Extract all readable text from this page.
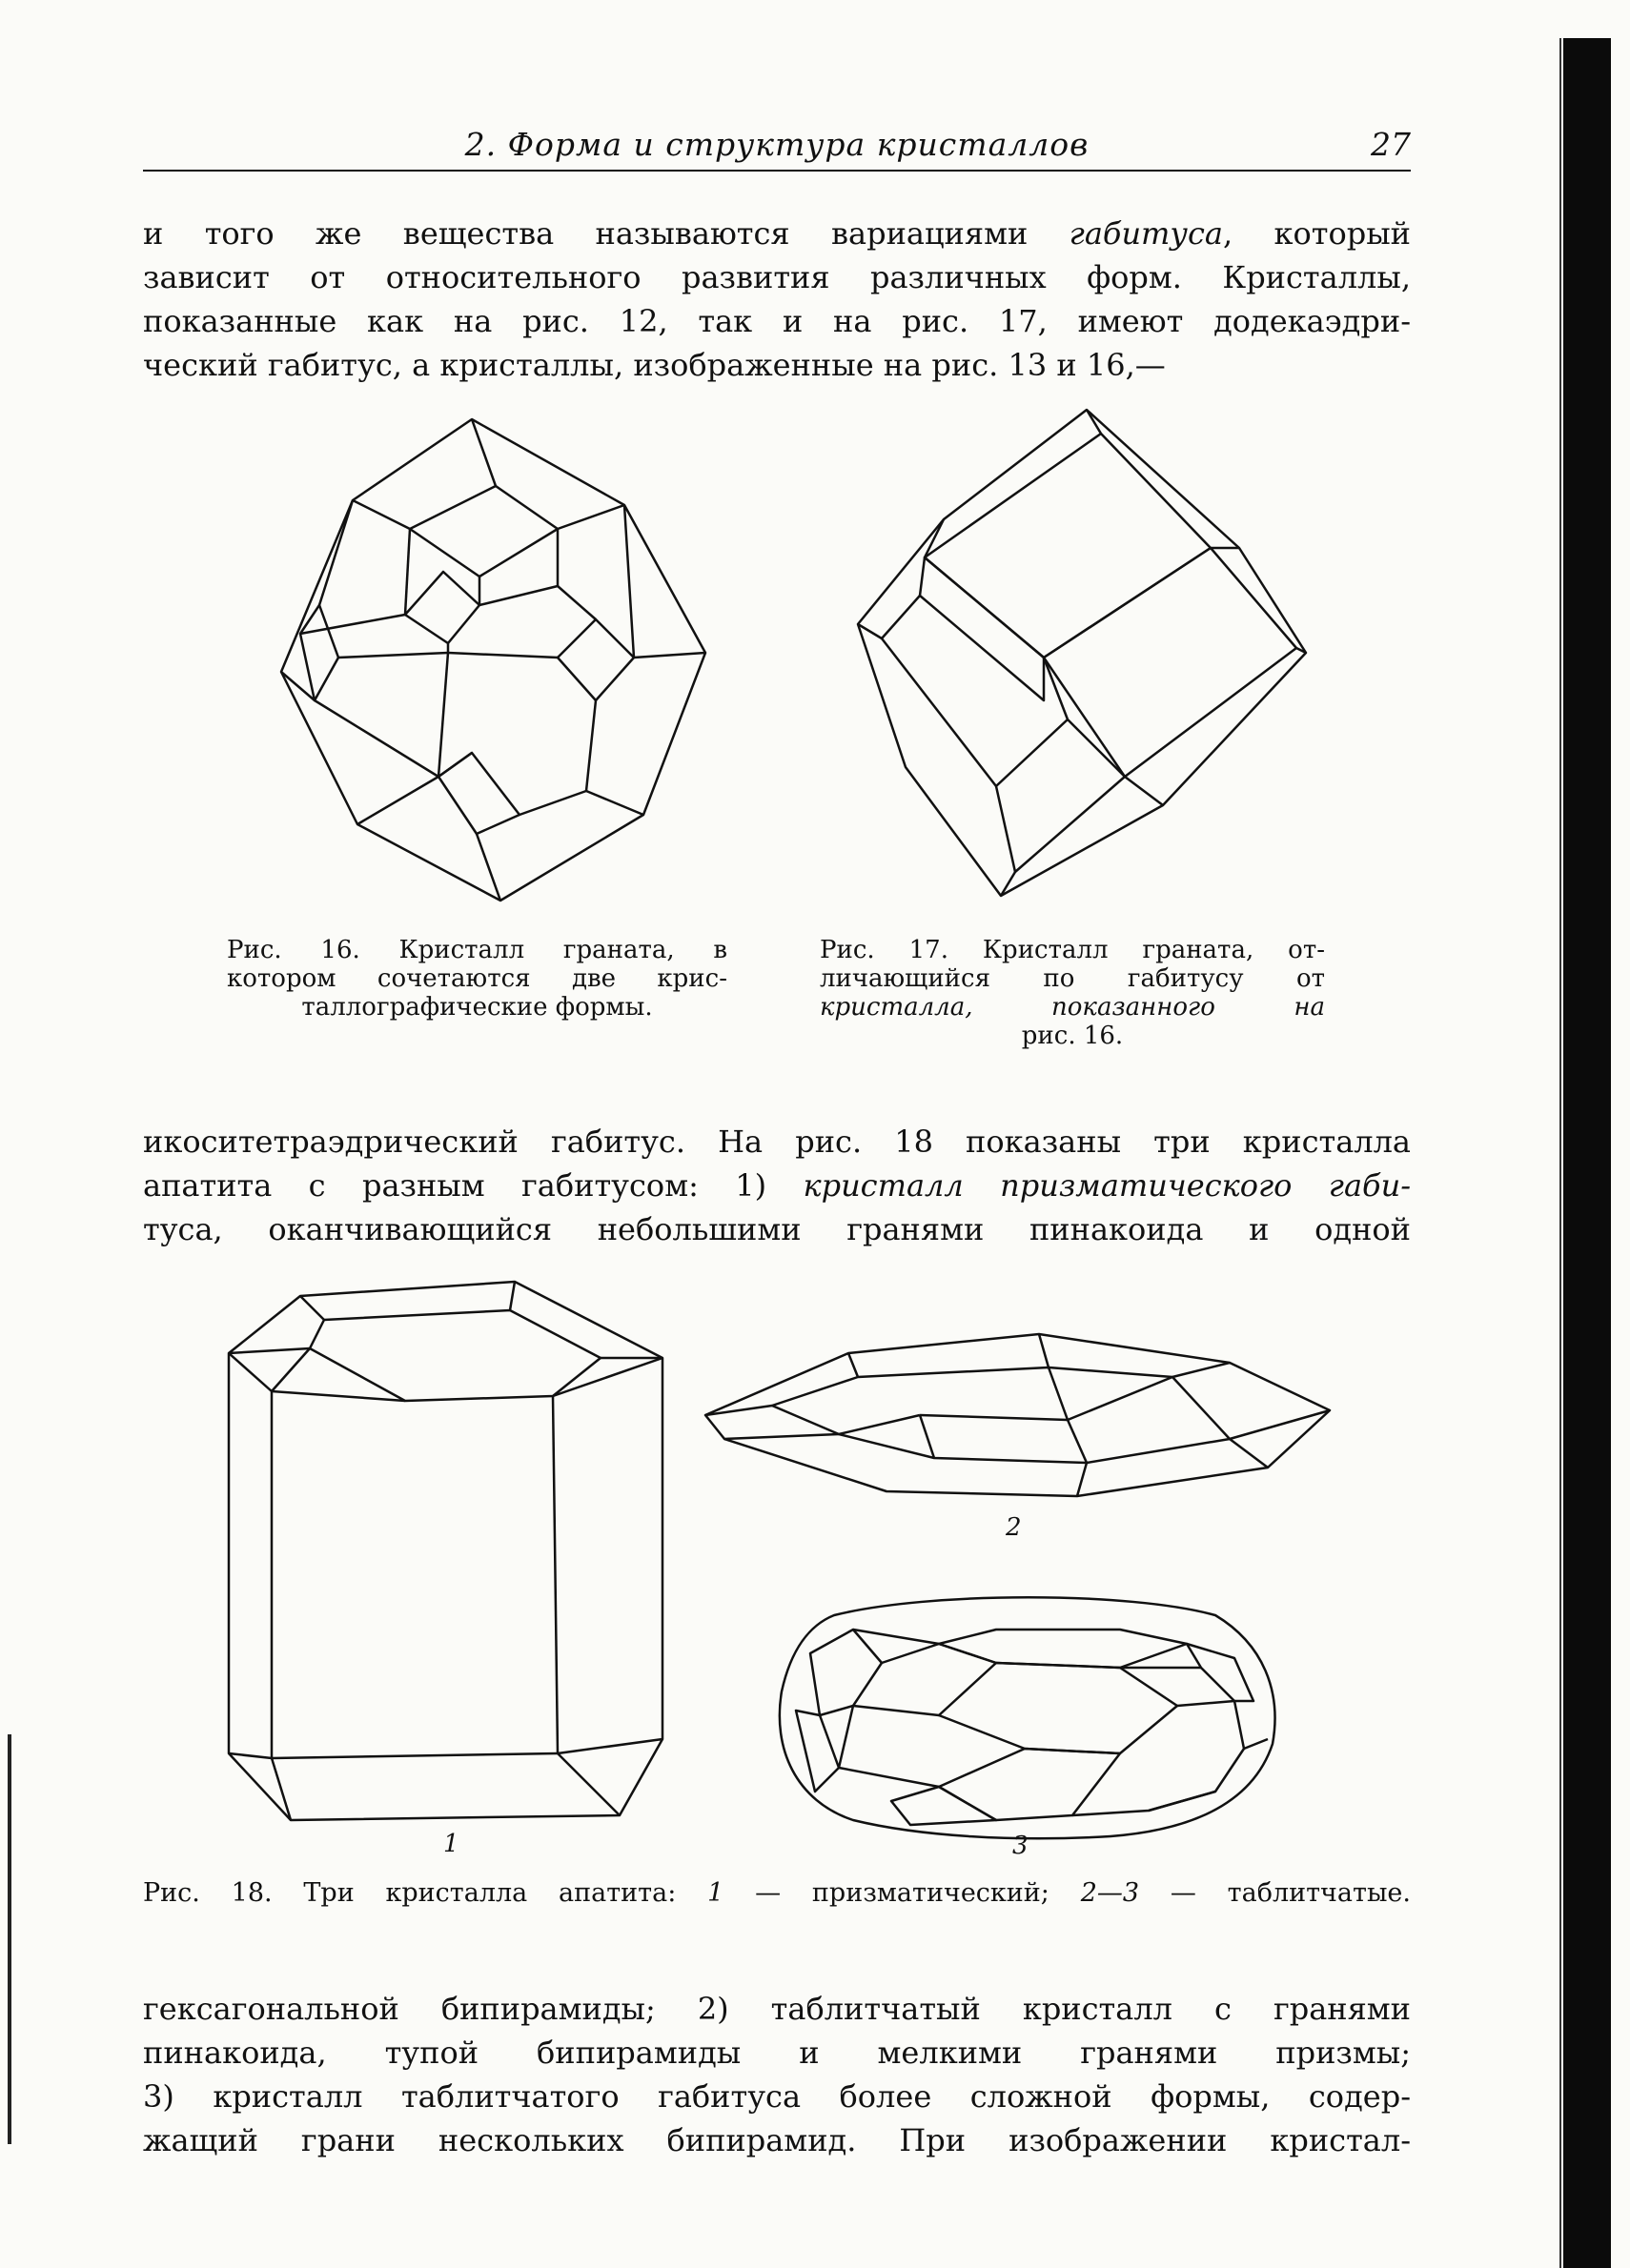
2. Форма и структура кристаллов	27
и того же вещества называются вариациями габитуса, который
зависит от относительного развития различных форм. Кристаллы,
показанные как на рис. 12, так и на рис. 17, имеют додекаэдри-
ческий габитус, а кристаллы, изображенные на рис. 13 и 16,—
Рис. 16. Кристалл граната, в
котором сочетаются две крис-
таллографические формы.
Рис. 17. Кристалл граната, от-
личающийся по габитусу от
кристалла, показанного на
рис. 16.
икоситетраэдрический габитус. На рис. 18 показаны три кристалла
апатита с разным габитусом: 1) кристалл призматического габи-
туса, оканчивающийся небольшими гранями пинакоида и одной
1
2
3
Рис. 18. Три кристалла апатита: 1 — призматический; 2—3 — таблитчатые.
гексагональной бипирамиды; 2) таблитчатый кристалл с гранями
пинакоида, тупой бипирамиды и мелкими гранями призмы;
3) кристалл таблитчатого габитуса более сложной формы, содер-
жащий грани нескольких бипирамид. При изображении кристал-
